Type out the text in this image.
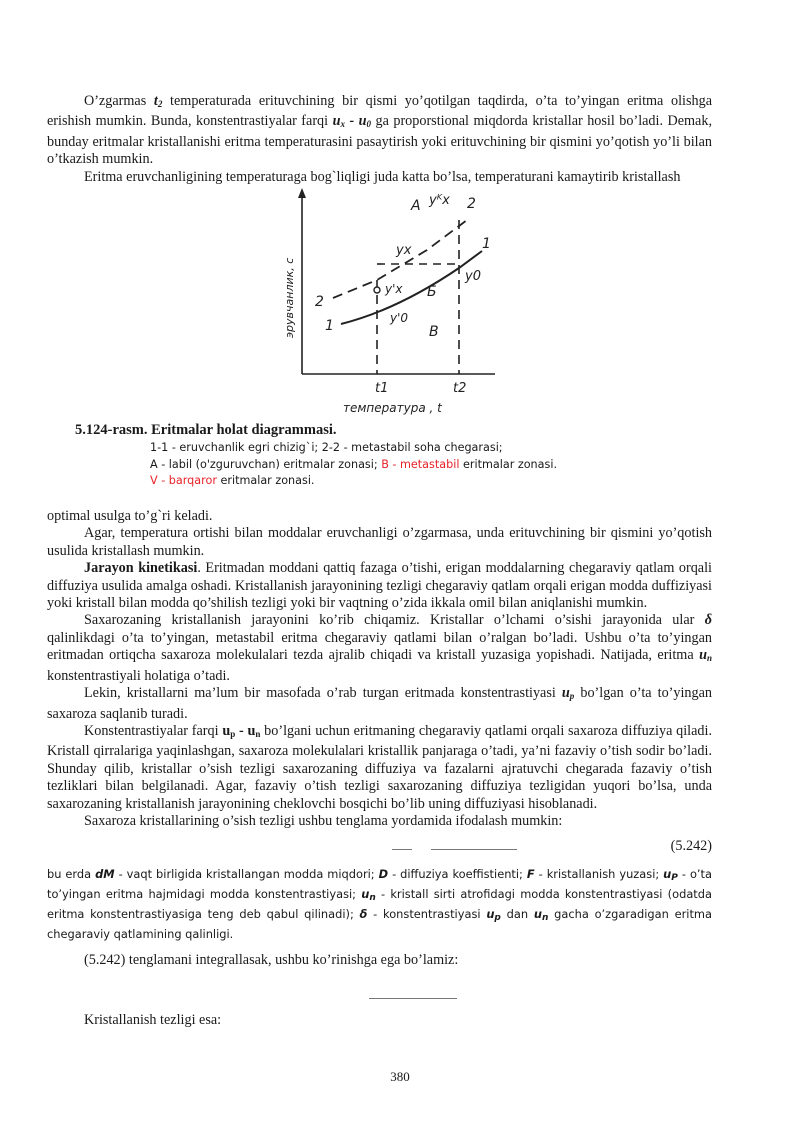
O’zgarmas $t_2$ temperaturada erituvchining bir qismi yo’qotilgan taqdirda, o’ta to’yingan eritma olishga erishish mumkin. Bunda, konstentrastiyalar farqi $u_x - u_0$ ga proporstional miqdorda kristallar hosil bo’ladi. Demak, bunday eritmalar kristallanishi eritma temperaturasini pasaytirish yoki erituvchining bir qismini yo’qotish yo’li bilan o’tkazish mumkin.

Eritma eruvchanligining temperaturaga bog`liqligi juda katta bo’lsa, temperaturani kamaytirib kristallash

A yᴷx 2
yx	1
y0
2
Б
y'x
y'0
1	B
t1	t2
температура , t
эрувчанлик, с
5.124-rasm. Eritmalar holat diagrammasi.
1-1 - eruvchanlik egri chizig`i; 2-2 - metastabil soha chegarasi;
A - labil (o'zguruvchan) eritmalar zonasi; B - metastabil eritmalar zonasi.
V - barqaror eritmalar zonasi.

optimal usulga to’g`ri keladi.

Agar, temperatura ortishi bilan moddalar eruvchanligi o’zgarmasa, unda erituvchining bir qismini yo’qotish usulida kristallash mumkin.

Jarayon kinetikasi. Eritmadan moddani qattiq fazaga o’tishi, erigan moddalarning chegaraviy qatlam orqali diffuziya usulida amalga oshadi. Kristallanish jarayonining tezligi chegaraviy qatlam orqali erigan modda duffiziyasi yoki kristall bilan modda qo’shilish tezligi yoki bir vaqtning o’zida ikkala omil bilan aniqlanishi mumkin.

Saxarozaning kristallanish jarayonini ko’rib chiqamiz. Kristallar o’lchami o’sishi jarayonida ular δ qalinlikdagi o’ta to’yingan, metastabil eritma chegaraviy qatlami bilan o’ralgan bo’ladi. Ushbu o’ta to’yingan eritmadan ortiqcha saxaroza molekulalari tezda ajralib chiqadi va kristall yuzasiga yopishadi. Natijada, eritma $u_n$ konstentrastiyali holatiga o’tadi.

Lekin, kristallarni ma’lum bir masofada o’rab turgan eritmada konstentrastiyasi $u_p$ bo’lgan o’ta to’yingan saxaroza saqlanib turadi.

Konstentrastiyalar farqi $u_p - u_n$ bo’lgani uchun eritmaning chegaraviy qatlami orqali saxaroza diffuziya qiladi. Kristall qirralariga yaqinlashgan, saxaroza molekulalari kristallik panjaraga o’tadi, ya’ni fazaviy o’tish sodir bo’ladi. Shunday qilib, kristallar o’sish tezligi saxarozaning diffuziya va fazalarni ajratuvchi chegarada fazaviy o’tish tezliklari bilan belgilanadi. Agar, fazaviy o’tish tezligi saxarozaning diffuziya tezligidan yuqori bo’lsa, unda saxarozaning kristallanish jarayonining cheklovchi bosqichi bo’lib uning diffuziyasi hisoblanadi.

Saxaroza kristallarining o’sish tezligi ushbu tenglama yordamida ifodalash mumkin:

(5.242)

bu erda dM - vaqt birligida kristallangan modda miqdori; D - diffuziya koeffistienti; F - kristallanish yuzasi; $u_P$ - o’ta to’yingan eritma hajmidagi modda konstentrastiyasi; $u_n$ - kristall sirti atrofidagi modda konstentrastiyasi (odatda eritma konstentrastiyasiga teng deb qabul qilinadi); δ - konstentrastiyasi $u_p$ dan $u_n$ gacha o’zgaradigan eritma chegaraviy qatlamining qalinligi.

(5.242) tenglamani integrallasak, ushbu ko’rinishga ega bo’lamiz:

Kristallanish tezligi esa:

380
